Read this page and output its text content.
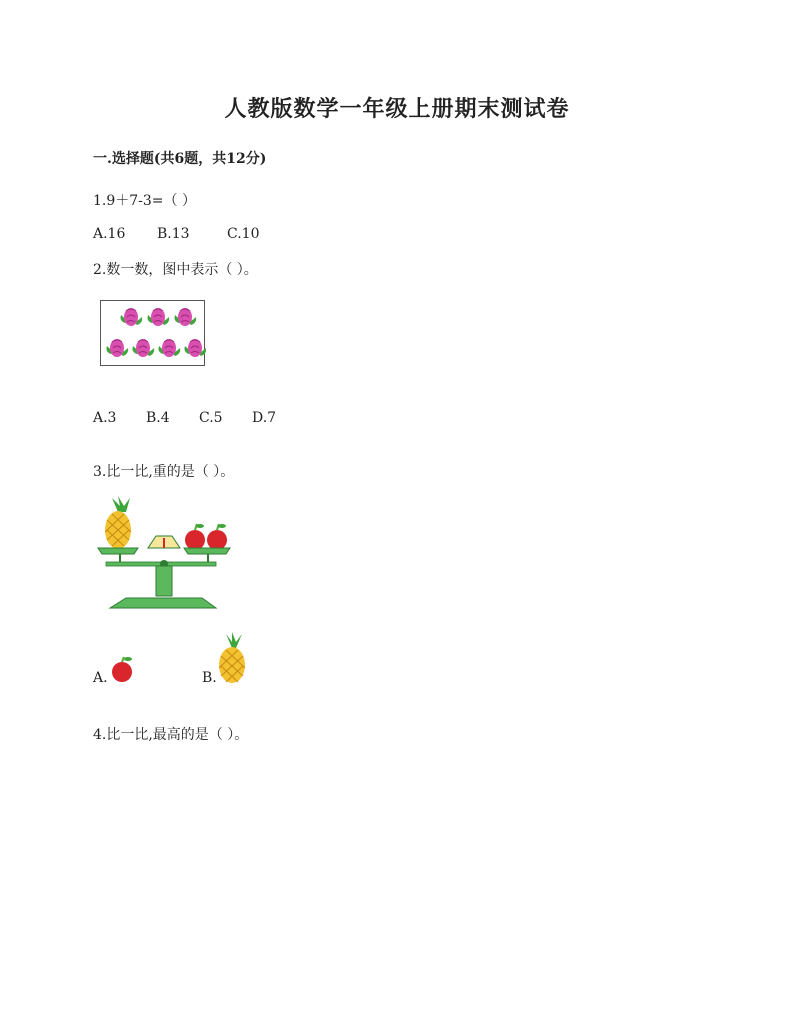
人教版数学一年级上册期末测试卷
一.选择题(共6题，共12分)
1.9＋7-3=（ ）
A.16 B.13	C.10
2.数一数，图中表示（ ）。
A.3 B.4 C.5 D.7
3.比一比,重的是（ ）。
A.	B.
4.比一比,最高的是（ ）。
